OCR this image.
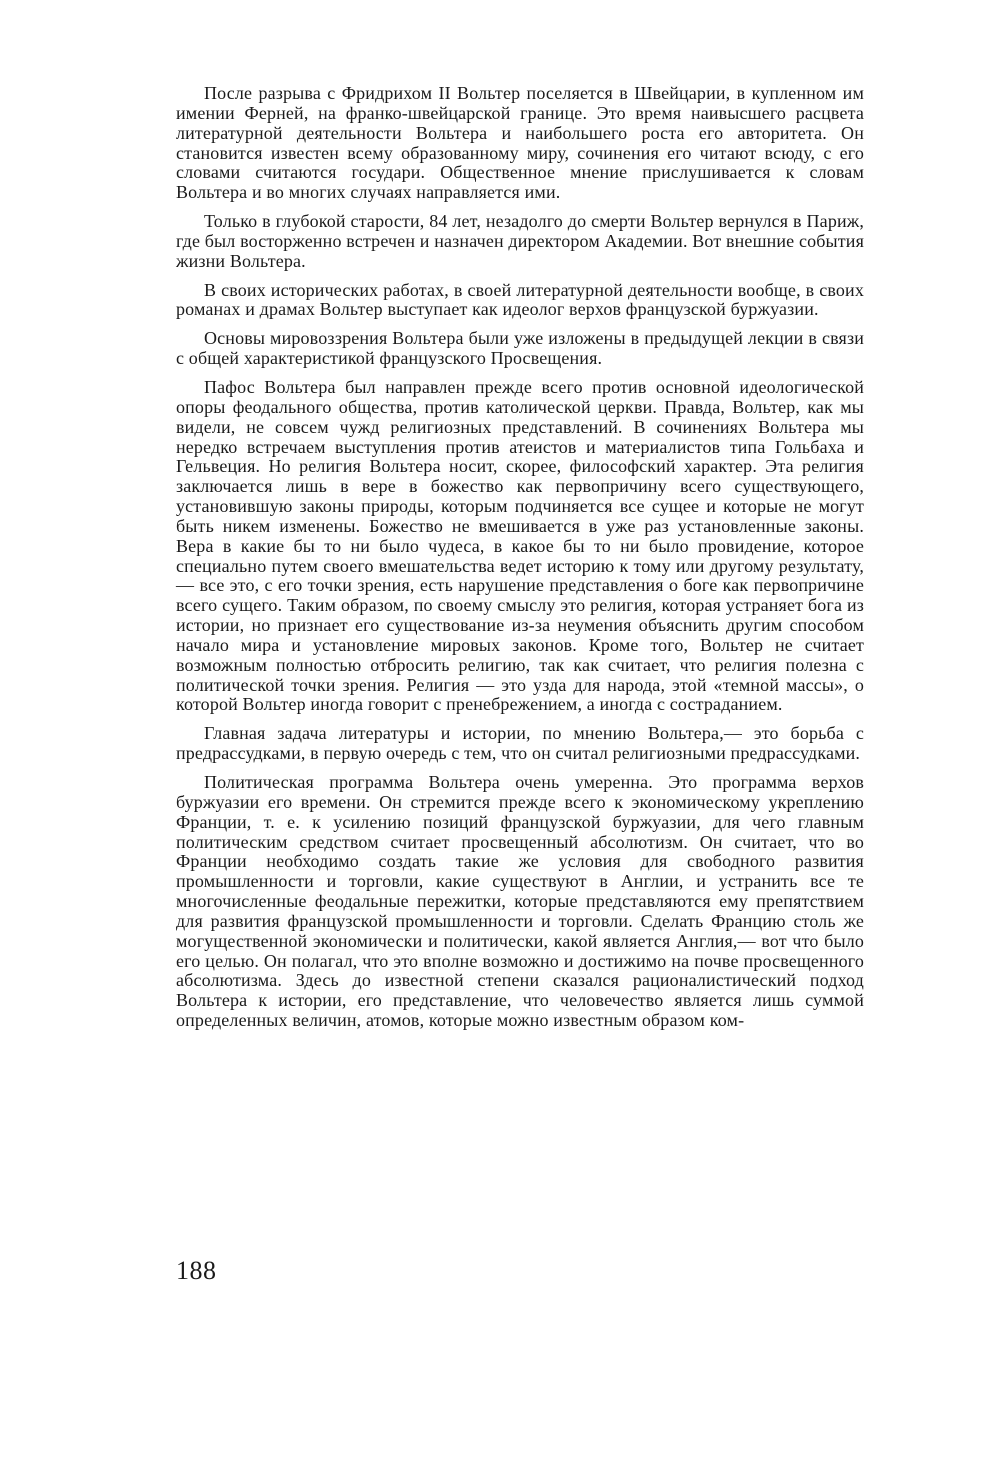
После разрыва с Фридрихом II Вольтер поселяется в Швейцарии, в купленном им имении Ферней, на франко-швейцарской границе. Это время наивысшего расцвета литературной деятельности Вольтера и наибольшего роста его авторитета. Он становится известен всему образованному миру, сочинения его читают всюду, с его словами считаются государи. Общественное мнение прислушивается к словам Вольтера и во многих случаях направляется ими.

Только в глубокой старости, 84 лет, незадолго до смерти Вольтер вернулся в Париж, где был восторженно встречен и назначен директором Академии. Вот внешние события жизни Вольтера.

В своих исторических работах, в своей литературной деятельности вообще, в своих романах и драмах Вольтер выступает как идеолог верхов французской буржуазии.

Основы мировоззрения Вольтера были уже изложены в предыдущей лекции в связи с общей характеристикой французского Просвещения.

Пафос Вольтера был направлен прежде всего против основной идеологической опоры феодального общества, против католической церкви. Правда, Вольтер, как мы видели, не совсем чужд религиозных представлений. В сочинениях Вольтера мы нередко встречаем выступления против атеистов и материалистов типа Гольбаха и Гельвеция. Но религия Вольтера носит, скорее, философский характер. Эта религия заключается лишь в вере в божество как первопричину всего существующего, установившую законы природы, которым подчиняется все сущее и которые не могут быть никем изменены. Божество не вмешивается в уже раз установленные законы. Вера в какие бы то ни было чудеса, в какое бы то ни было провидение, которое специально путем своего вмешательства ведет историю к тому или другому результату,— все это, с его точки зрения, есть нарушение представления о боге как первопричине всего сущего. Таким образом, по своему смыслу это религия, которая устраняет бога из истории, но признает его существование из-за неумения объяснить другим способом начало мира и установление мировых законов. Кроме того, Вольтер не считает возможным полностью отбросить религию, так как считает, что религия полезна с политической точки зрения. Религия — это узда для народа, этой «темной массы», о которой Вольтер иногда говорит с пренебрежением, а иногда с состраданием.

Главная задача литературы и истории, по мнению Вольтера,— это борьба с предрассудками, в первую очередь с тем, что он считал религиозными предрассудками.

Политическая программа Вольтера очень умеренна. Это программа верхов буржуазии его времени. Он стремится прежде всего к экономическому укреплению Франции, т. е. к усилению позиций французской буржуазии, для чего главным политическим средством считает просвещенный абсолютизм. Он считает, что во Франции необходимо создать такие же условия для свободного развития промышленности и торговли, какие существуют в Англии, и устранить все те многочисленные феодальные пережитки, которые представляются ему препятствием для развития французской промышленности и торговли. Сделать Францию столь же могущественной экономически и политически, какой является Англия,— вот что было его целью. Он полагал, что это вполне возможно и достижимо на почве просвещенного абсолютизма. Здесь до известной степени сказался рационалистический подход Вольтера к истории, его представление, что человечество является лишь суммой определенных величин, атомов, которые можно известным образом ком-

188
